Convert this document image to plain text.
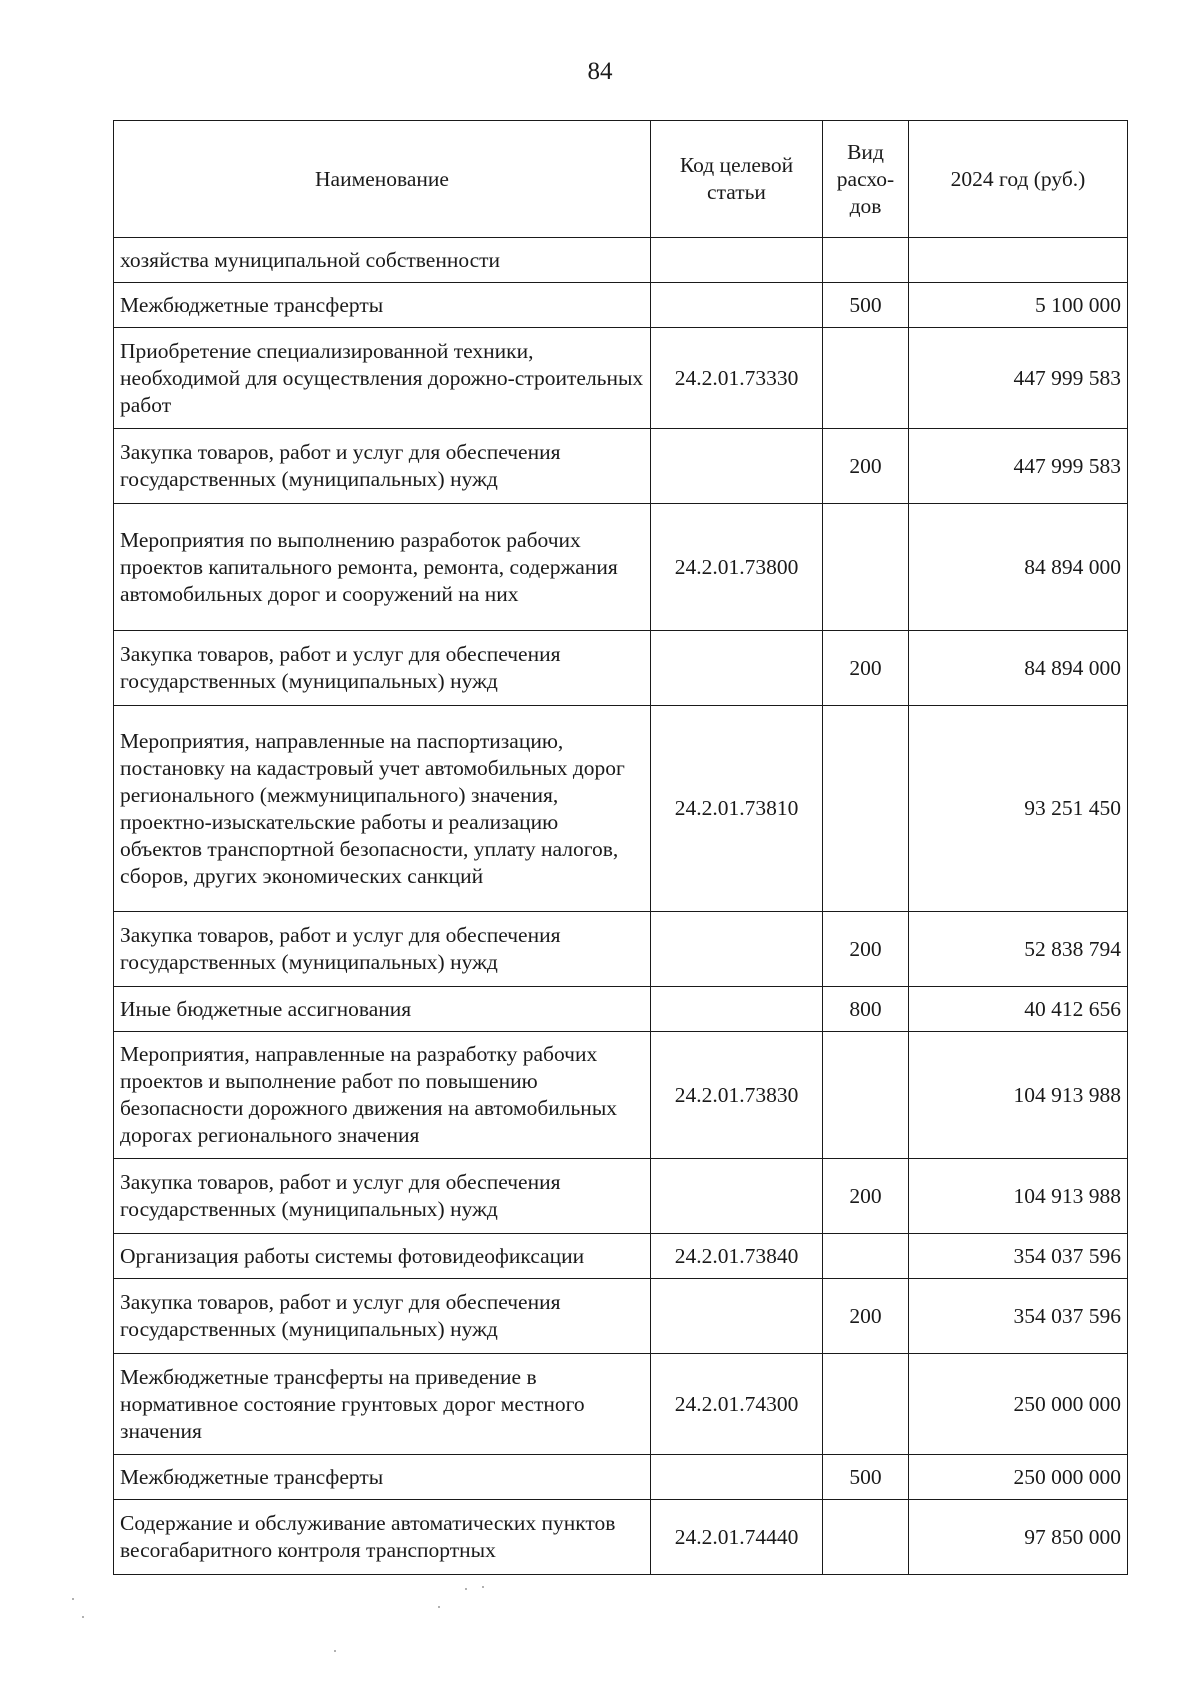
84
Наименование	Код целевой статьи	Вид расхо-дов	2024 год (руб.)
хозяйства муниципальной собственности			
Межбюджетные трансферты		500	5 100 000
Приобретение специализированной техники, необходимой для осуществления дорожно-строительных работ	24.2.01.73330		447 999 583
Закупка товаров, работ и услуг для обеспечения государственных (муниципальных) нужд		200	447 999 583
Мероприятия по выполнению разработок рабочих проектов капитального ремонта, ремонта, содержания автомобильных дорог и сооружений на них	24.2.01.73800		84 894 000
Закупка товаров, работ и услуг для обеспечения государственных (муниципальных) нужд		200	84 894 000
Мероприятия, направленные на паспортизацию, постановку на кадастровый учет автомобильных дорог регионального (межмуниципального) значения, проектно-изыскательские работы и реализацию объектов транспортной безопасности, уплату налогов, сборов, других экономических санкций	24.2.01.73810		93 251 450
Закупка товаров, работ и услуг для обеспечения государственных (муниципальных) нужд		200	52 838 794
Иные бюджетные ассигнования		800	40 412 656
Мероприятия, направленные на разработку рабочих проектов и выполнение работ по повышению безопасности дорожного движения на автомобильных дорогах регионального значения	24.2.01.73830		104 913 988
Закупка товаров, работ и услуг для обеспечения государственных (муниципальных) нужд		200	104 913 988
Организация работы системы фотовидеофиксации	24.2.01.73840		354 037 596
Закупка товаров, работ и услуг для обеспечения государственных (муниципальных) нужд		200	354 037 596
Межбюджетные трансферты на приведение в нормативное состояние грунтовых дорог местного значения	24.2.01.74300		250 000 000
Межбюджетные трансферты		500	250 000 000
Содержание и обслуживание автоматических пунктов весогабаритного контроля транспортных	24.2.01.74440		97 850 000
